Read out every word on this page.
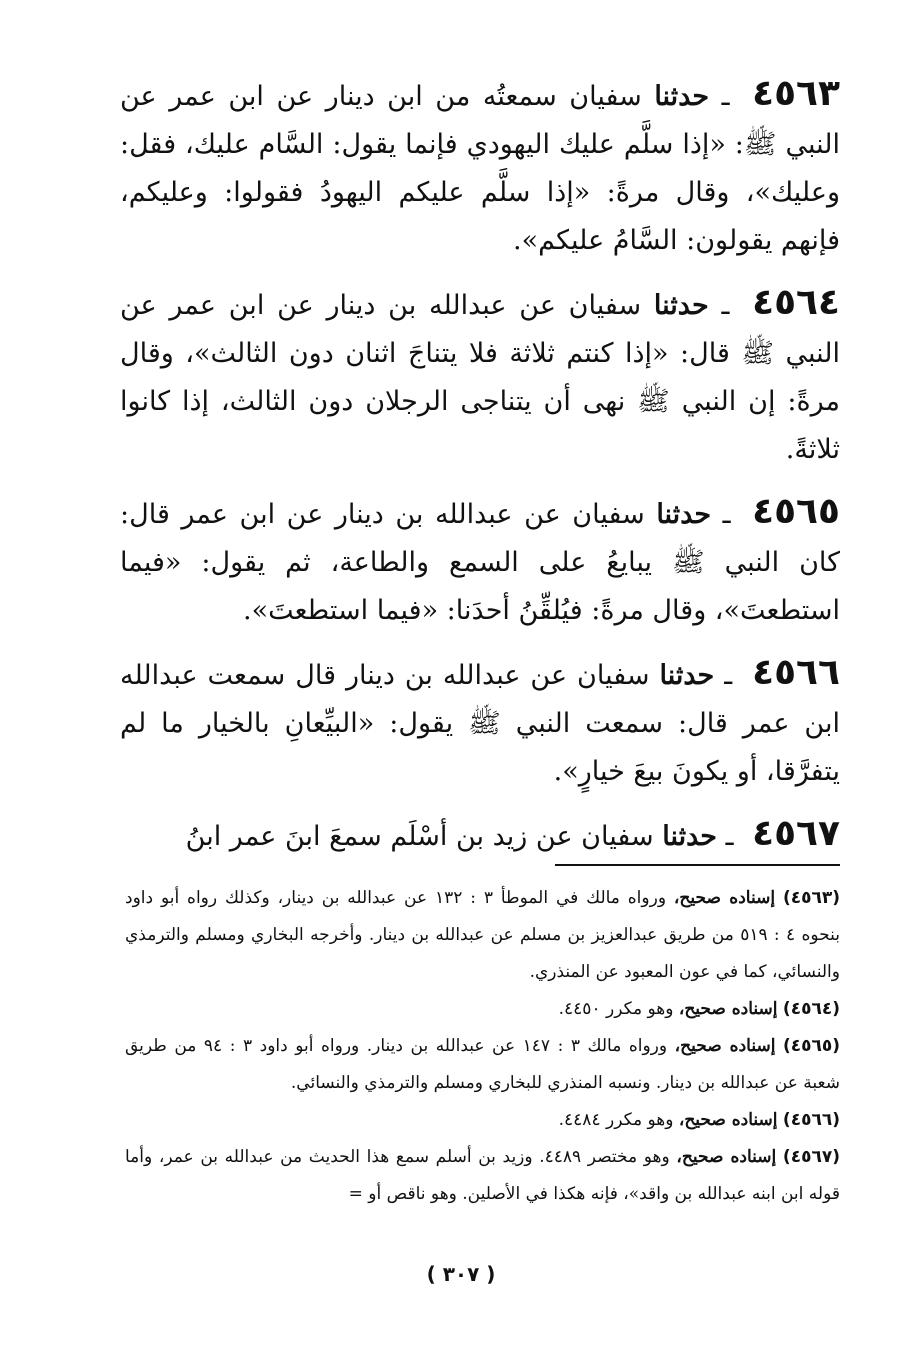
٤٥٦٣ ـ حدثنا سفيان سمعتُه من ابن دينار عن ابن عمر عن النبي ﷺ: «إذا سلَّم عليك اليهودي فإنما يقول: السَّام عليك، فقل: وعليك»، وقال مرةً: «إذا سلَّم عليكم اليهودُ فقولوا: وعليكم، فإنهم يقولون: السَّامُ عليكم».

٤٥٦٤ ـ حدثنا سفيان عن عبدالله بن دينار عن ابن عمر عن النبي ﷺ قال: «إذا كنتم ثلاثة فلا يتناجَ اثنان دون الثالث»، وقال مرةً: إن النبي ﷺ نهى أن يتناجى الرجلان دون الثالث، إذا كانوا ثلاثةً.

٤٥٦٥ ـ حدثنا سفيان عن عبدالله بن دينار عن ابن عمر قال: كان النبي ﷺ يبايعُ على السمع والطاعة، ثم يقول: «فيما استطعتَ»، وقال مرةً: فيُلقِّنُ أحدَنا: «فيما استطعتَ».

٤٥٦٦ ـ حدثنا سفيان عن عبدالله بن دينار قال سمعت عبدالله ابن عمر قال: سمعت النبي ﷺ يقول: «البيِّعانِ بالخيار ما لم يتفرَّقا، أو يكونَ بيعَ خيارٍ».

٤٥٦٧ ـ حدثنا سفيان عن زيد بن أسْلَم سمعَ ابنَ عمر ابنُ

(٤٥٦٣) إسناده صحيح، ورواه مالك في الموطأ ٣ : ١٣٢ عن عبدالله بن دينار، وكذلك رواه أبو داود بنحوه ٤ : ٥١٩ من طريق عبدالعزيز بن مسلم عن عبدالله بن دينار. وأخرجه البخاري ومسلم والترمذي والنسائي، كما في عون المعبود عن المنذري.

(٤٥٦٤) إسناده صحيح، وهو مكرر ٤٤٥٠.

(٤٥٦٥) إسناده صحيح، ورواه مالك ٣ : ١٤٧ عن عبدالله بن دينار. ورواه أبو داود ٣ : ٩٤ من طريق شعبة عن عبدالله بن دينار. ونسبه المنذري للبخاري ومسلم والترمذي والنسائي.

(٤٥٦٦) إسناده صحيح، وهو مكرر ٤٤٨٤.

(٤٥٦٧) إسناده صحيح، وهو مختصر ٤٤٨٩. وزيد بن أسلم سمع هذا الحديث من عبدالله بن عمر، وأما قوله ابن ابنه عبدالله بن واقد»، فإنه هكذا في الأصلين. وهو ناقص أو =

( ٣٠٧ )
